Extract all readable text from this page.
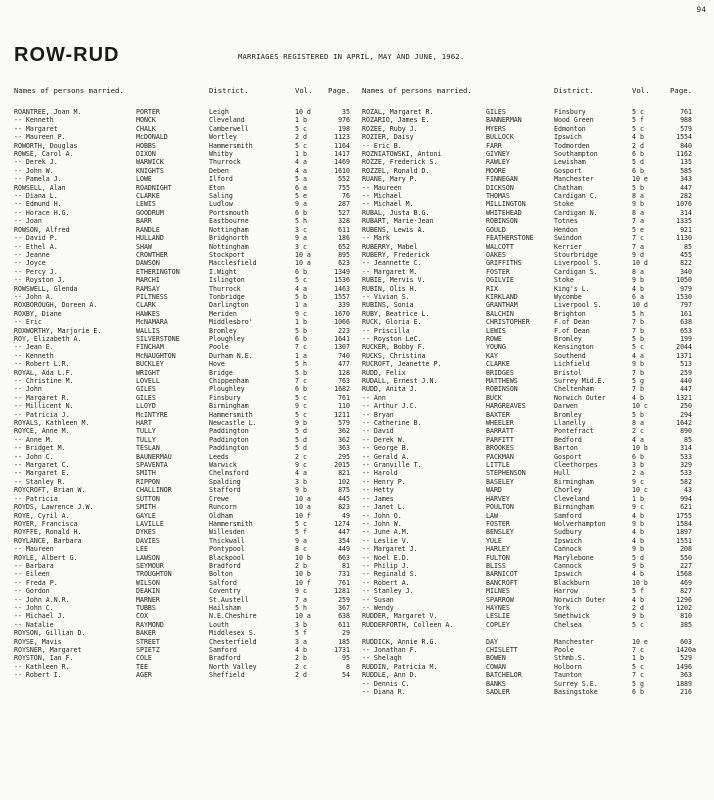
94
ROW-RUD	MARRIAGES REGISTERED IN APRIL, MAY AND JUNE, 1962.
Names of persons married.	District.	Vol.	Page.
ROANTREE, Joan M.	PORTER	Leigh	10 d	35
-- Kenneth	MONCK	Cleveland	1 b	976
-- Margaret	CHALK	Camberwell	5 c	198
-- Maureen P.	McDONALD	Wortley	2 d	1123
ROWORTH, Douglas	HOBBS	Hammersmith	5 c	1164
ROWSE, Carol A.	DIXON	Whitby	1 b	1417
-- Derek J.	WARWICK	Thurrock	4 a	1469
-- John W.	KNIGHTS	Deben	4 a	1610
-- Pamela J.	LOWE	Ilford	5 a	552
ROWSELL, Alan	ROADNIGHT	Eton	6 a	755
-- Diana L.	CLARKE	Saling	5 e	76
-- Edmund H.	LEWIS	Ludlow	9 a	287
-- Horace H.G.	GOODRUM	Portsmouth	6 b	527
-- Joan	BARR	Eastbourne	5 h	328
ROWSON, Alfred	RANDLE	Nottingham	3 c	611
-- David P.	HULLAND	Bridgnorth	9 a	186
-- Ethel A.	SHAW	Nottingham	3 c	652
-- Jeanne	CROWTHER	Stockport	10 a	895
-- Joyce	DAWSON	Macclesfield	10 a	623
-- Percy J.	ETHERINGTON	I.Wight	6 b	1349
-- Royston J.	MARCHI	Islington	5 c	1536
ROWSWELL, Glenda	RAMSAY	Thurrock	4 a	1463
-- John A.	PILTNESS	Tonbridge	5 b	1557
ROXBOROUGH, Doreen A.	CLARK	Darlington	1 a	339
ROXBY, Diane	HAWKES	Meriden	9 c	1670
-- Eric	McNAMARA	Middlesbro'	1 b	1066
ROXWORTHY, Marjorie E.	WALLIS	Bromley	5 b	223
ROY, Elizabeth A.	SILVERSTONE	Ploughley	6 b	1641
-- Jean E.	FINCHAM	Poole	7 c	1307
-- Kenneth	McNAUGHTON	Durham N.E.	1 a	740
-- Robert L.R.	BUCKLEY	Hove	5 h	477
ROYAL, Ada L.F.	WRIGHT	Bridge	5 b	128
-- Christine M.	LOVELL	Chippenham	7 c	763
-- John	GILES	Ploughley	6 b	1682
-- Margaret R.	GILES	Finsbury	5 c	761
-- Millicent N.	LLOYD	Birmingham	9 c	110
-- Patricia J.	McINTYRE	Hammersmith	5 c	1211
ROYALS, Kathleen M.	HART	Newcastle L.	9 b	579
ROYCE, Anne M.	TULLY	Paddington	5 d	362
-- Anne M.	TULLY	Paddington	5 d	362
-- Bridget M.	TESLAN	Paddington	5 d	363
-- John C.	BAUNERMAU	Leeds	2 c	295
-- Margaret C.	SPAVENTA	Warwick	9 c	2015
-- Margaret E.	SMITH	Chelmsford	4 a	821
-- Stanley R.	RIPPON	Spalding	3 b	102
ROYCROFT, Brian W.	CHALLINOR	Stafford	9 b	875
-- Patricia	SUTTON	Crewe	10 a	445
ROYDS, Lawrence J.W.	SMITH	Runcorn	10 a	823
ROYE, Cyril A.	GAYLE	Oldham	10 f	49
ROYER, Francisca	LAVILLE	Hammersmith	5 c	1274
ROYFFE, Ronald H.	DYKES	Willesden	5 f	447
ROYLANCE, Barbara	DAVIES	Thickwall	9 a	354
-- Maureen	LEE	Pontypool	8 c	449
ROYLE, Albert G.	LAWSON	Blackpool	10 b	663
-- Barbara	SEYMOUR	Bradford	2 b	81
-- Eileen	TROUGHTON	Bolton	10 b	731
-- Freda P.	WILSON	Salford	10 f	761
-- Gordon	DEAKIN	Coventry	9 c	1281
-- John A.N.R.	MARNER	St.Austell	7 a	259
-- John C.	TUBBS	Hailsham	5 h	367
-- Michael J.	COX	N.E.Cheshire	10 a	638
-- Natalie	RAYMOND	Louth	3 b	611
ROYSON, Gillian D.	BAKER	Middlesex S.	5 f	29
ROYSE, Mavis	STREET	Chesterfield	3 a	185
ROYSNER, Margaret	SPIETZ	Samford	4 b	1731
ROYSTON, Ian F.	COLE	Bradford	2 b	95
-- Kathleen R.	TEE	North Valley	2 c	8
-- Robert I.	AGER	Sheffield	2 d	54
Names of persons married.	District.	Vol.	Page.
ROZAL, Margaret R.	GILES	Finsbury	5 c	761
ROZARIO, James E.	BANNERMAN	Wood Green	5 f	988
ROZEE, Ruby J.	MYERS	Edmonton	5 c	579
ROZIER, Daisy	BULLOCK	Ipswich	4 b	1554
-- Eric B.	FARR	Todmorden	2 d	840
ROZNIATOWSKI, Antoni	GIVNEY	Southampton	6 b	1162
ROZZE, Frederick S.	RAWLEY	Lewisham	5 d	135
ROZZEL, Ronald D.	MOORE	Gosport	6 b	585
RUANE, Mary P.	FINNEGAN	Manchester	10 e	343
-- Maureen	DICKSON	Chatham	5 b	447
-- Michael	THOMAS	Cardigan C.	8 a	282
-- Michael M.	MILLINGTON	Stoke	9 b	1076
RUBAL, Justa B.G.	WHITEHEAD	Cardigan N.	8 a	314
RUBART, Marie-Jean	ROBINSON	Totnes	7 a	1335
RUBENS, Lewis A.	GOULD	Hendon	5 e	921
-- Mark	FEATHERSTONE	Swindon	7 c	1130
RUBERRY, Mabel	WALCOTT	Kerrier	7 a	85
RUBERY, Frederick	OAKES	Stourbridge	9 d	455
-- Jeannette C.	GRIFFITHS	Liverpool S.	10 d	822
-- Margaret M.	FOSTER	Cardigan S.	8 a	340
RUBIE, Mervis V.	OGILVIE	Stoke	9 b	1050
RUBIN, Olis H.	RIX	King's L.	4 b	979
-- Vivian S.	KIRKLAND	Wycombe	6 a	1530
RUBINS, Sonia	GRANTHAM	Liverpool S.	10 d	797
RUBY, Beatrice L.	BALCHIN	Brighton	5 h	161
RUCK, Gloria E.	CHRISTOPHER	F.of Dean	7 b	638
-- Priscilla	LEWIS	F.of Dean	7 b	653
-- Royston LeC.	ROWE	Bromley	5 b	199
RUCKER, Bobby F.	YOUNG	Kensington	5 c	2044
RUCKS, Christina	KAY	Southend	4 a	1371
RUCROFT, Jeanette P.	CLARKE	Lichfield	9 b	513
RUDD, Felix	BRIDGES	Bristol	7 b	259
RUDALL, Ernest J.N.	MATTHEWS	Surrey Mid.E.	5 g	440
RUDD, Anita J.	ROBINSON	Cheltenham	7 b	447
-- Ann	BUCK	Norwich Outer	4 b	1321
-- Arthur J.C.	HARGREAVES	Darwen	10 c	250
-- Bryan	BAXTER	Bromley	5 b	294
-- Catherine B.	WHEELER	Llanelly	8 a	1642
-- David	BARRATT	Pontefract	2 c	890
-- Derek W.	PARFITT	Bedford	4 a	85
-- George B.	BROOKES	Barton	10 b	314
-- Gerald A.	PACKMAN	Gosport	6 b	533
-- Granville T.	LITTLE	Cleethorpes	3 b	329
-- Harold	STEPHENSON	Hull	2 a	533
-- Henry P.	BASELEY	Birmingham	9 c	582
-- Hetty	WARD	Chorley	10 c	43
-- James	HARVEY	Cleveland	1 b	994
-- Janet L.	POULTON	Birmingham	9 c	621
-- John O.	LAW	Samford	4 b	1755
-- John W.	FOSTER	Wolverhampton	9 b	1584
-- June A.M.	BENSLEY	Sudbury	4 b	1897
-- Leslie V.	YULE	Ipswich	4 b	1551
-- Margaret J.	HARLEY	Cannock	9 b	208
-- Noel E.D.	FULTON	Marylebone	5 d	550
-- Philip J.	BLISS	Cannock	9 b	227
-- Reginald S.	BARNICOT	Ipswich	4 b	1568
-- Robert A.	BANCROFT	Blackburn	10 b	469
-- Stanley J.	MILNES	Harrow	5 f	827
-- Susan	SPARROW	Norwich Outer	4 b	1296
-- Wendy	HAYNES	York	2 d	1202
RUDDER, Margaret V.	LESLIE	Smethwick	9 b	810
RUDDERFORTH, Colleen A.	COPLEY	Chelsea	5 c	385
RUDDICK, Annie R.G.	DAY	Manchester	10 e	603
-- Jonathan F.	CHISLETT	Poole	7 c	1420 a
-- Shelagh	BOWEN	Sthmb.S.	1 b	529
RUDDIN, Patricia M.	COWAN	Holborn	5 c	1496
RUDDLE, Ann D.	BATCHELOR	Taunton	7 c	363
-- Dennis C.	BANKS	Surrey S.E.	5 g	1889
-- Diana R.	SADLER	Basingstoke	6 b	216
